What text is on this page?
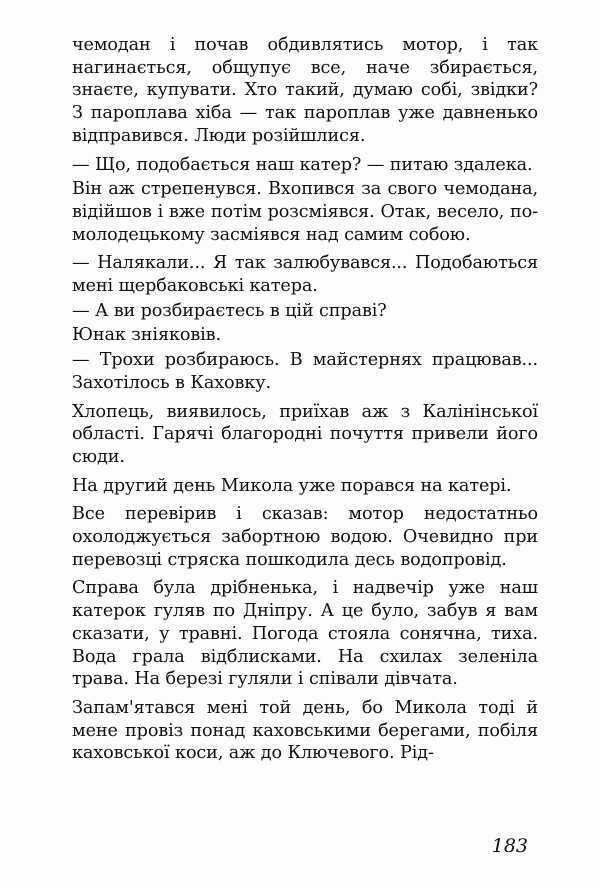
чемодан і почав обдивлятись мотор, і так нагинається, общупує все, наче збирається, знаєте, купувати. Хто такий, думаю собі, звідки? З пароплава хіба — так пароплав уже давненько відправився. Люди розійшлися.

— Що, подобається наш катер? — питаю здалека.

Він аж стрепенувся. Вхопився за свого чемодана, відійшов і вже потім розсміявся. Отак, весело, по-молодецькому засміявся над самим собою.

— Налякали... Я так залюбувався... Подобаються мені щербаковські катера.

— А ви розбираєтесь в цій справі?

Юнак зніяковів.

— Трохи розбираюсь. В майстернях працював... Захотілось в Каховку.

Хлопець, виявилось, приїхав аж з Калінінської області. Гарячі благородні почуття привели його сюди.

На другий день Микола уже порався на катері.

Все перевірив і сказав: мотор недостатньо охолоджується забортною водою. Очевидно при перевозці стряска пошкодила десь водопровід.

Справа була дрібненька, і надвечір уже наш катерок гуляв по Дніпру. А це було, забув я вам сказати, у травні. Погода стояла сонячна, тиха. Вода грала відблисками. На схилах зеленіла трава. На березі гуляли і співали дівчата.

Запам'ятався мені той день, бо Микола тоді й мене провіз понад каховськими берегами, побіля каховської коси, аж до Ключевого. Рід-

183
